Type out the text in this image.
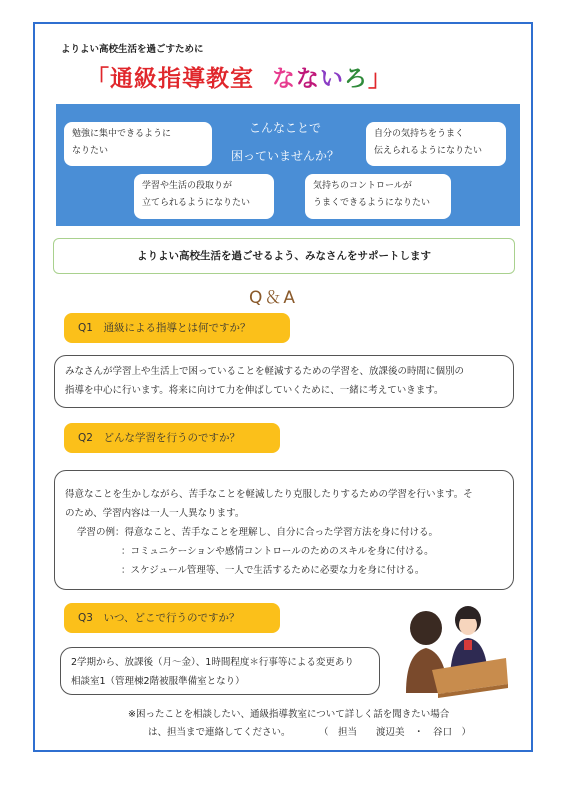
よりよい高校生活を過ごすために
「通級指導教室 なないろ」
勉強に集中できるように
なりたい
こんなことで
困っていませんか？
自分の気持ちをうまく
伝えられるようになりたい
学習や生活の段取りが
立てられるようになりたい
気持ちのコントロールが
うまくできるようになりたい
よりよい高校生活を過ごせるよう、みなさんをサポートします
Q＆A
Q1　通級による指導とは何ですか？
みなさんが学習上や生活上で困っていることを軽減するための学習を、放課後の時間に個別の
指導を中心に行います。将来に向けて力を伸ばしていくために、一緒に考えていきます。
Q2　どんな学習を行うのですか？
得意なことを生かしながら、苦手なことを軽減したり克服したりするための学習を行います。そ
のため、学習内容は一人一人異なります。
学習の例：得意なこと、苦手なことを理解し、自分に合った学習方法を身に付ける。
：コミュニケーションや感情コントロールのためのスキルを身に付ける。
：スケジュール管理等、一人で生活するために必要な力を身に付ける。
Q3　いつ、どこで行うのですか？
2学期から、放課後（月～金）、1時間程度＊行事等による変更あり
相談室1（管理棟2階被服準備室となり）
※困ったことを相談したい、通級指導教室について詳しく話を聞きたい場合
は、担当まで連絡してください。　　　　（　担当　　渡辺美　・　谷口　）
